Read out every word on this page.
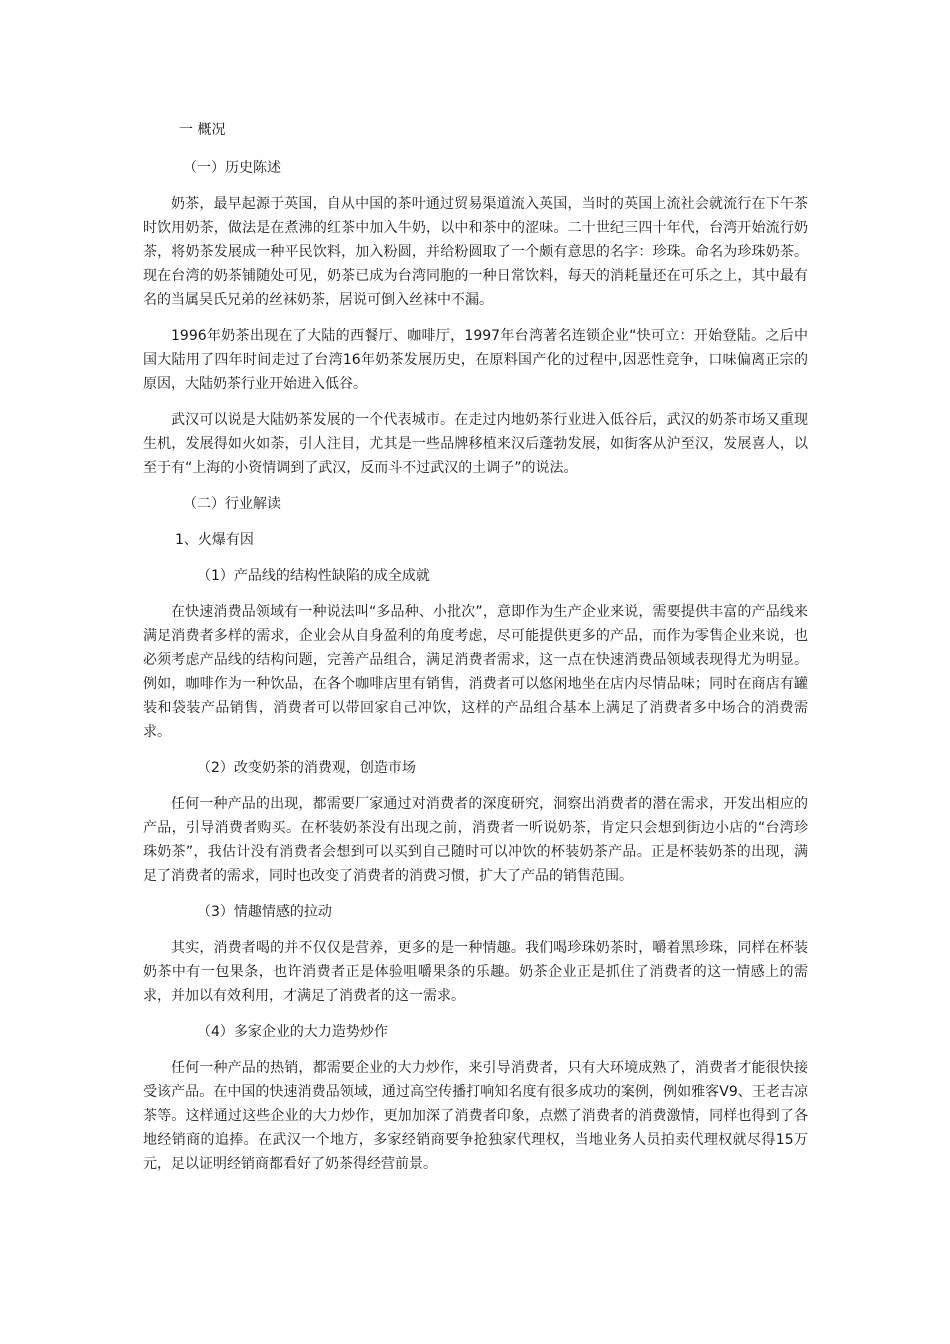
一 概况
（一）历史陈述

奶茶，最早起源于英国，自从中国的茶叶通过贸易渠道流入英国，当时的英国上流社会就流行在下午茶时饮用奶茶，做法是在煮沸的红茶中加入牛奶，以中和茶中的涩味。二十世纪三四十年代，台湾开始流行奶茶，将奶茶发展成一种平民饮料，加入粉圆，并给粉圆取了一个颇有意思的名字：珍珠。命名为珍珠奶茶。现在台湾的奶茶铺随处可见，奶茶已成为台湾同胞的一种日常饮料，每天的消耗量还在可乐之上，其中最有名的当属吴氏兄弟的丝袜奶茶，居说可倒入丝袜中不漏。

1996年奶茶出现在了大陆的西餐厅、咖啡厅，1997年台湾著名连锁企业“快可立：开始登陆。之后中国大陆用了四年时间走过了台湾16年奶茶发展历史，在原料国产化的过程中,因恶性竞争，口味偏离正宗的原因，大陆奶茶行业开始进入低谷。

武汉可以说是大陆奶茶发展的一个代表城市。在走过内地奶茶行业进入低谷后，武汉的奶茶市场又重现生机，发展得如火如荼，引人注目，尤其是一些品牌移植来汉后蓬勃发展，如街客从沪至汉，发展喜人，以至于有“上海的小资情调到了武汉，反而斗不过武汉的土调子”的说法。

（二）行业解读
1、火爆有因
（1）产品线的结构性缺陷的成全成就

在快速消费品领域有一种说法叫“多品种、小批次”，意即作为生产企业来说，需要提供丰富的产品线来满足消费者多样的需求，企业会从自身盈利的角度考虑，尽可能提供更多的产品，而作为零售企业来说，也必须考虑产品线的结构问题，完善产品组合，满足消费者需求，这一点在快速消费品领域表现得尤为明显。例如，咖啡作为一种饮品，在各个咖啡店里有销售，消费者可以悠闲地坐在店内尽情品味；同时在商店有罐装和袋装产品销售，消费者可以带回家自己冲饮，这样的产品组合基本上满足了消费者多中场合的消费需求。

（2）改变奶茶的消费观，创造市场

任何一种产品的出现，都需要厂家通过对消费者的深度研究，洞察出消费者的潜在需求，开发出相应的产品，引导消费者购买。在杯装奶茶没有出现之前，消费者一听说奶茶，肯定只会想到街边小店的“台湾珍珠奶茶”，我估计没有消费者会想到可以买到自己随时可以冲饮的杯装奶茶产品。正是杯装奶茶的出现，满足了消费者的需求，同时也改变了消费者的消费习惯，扩大了产品的销售范围。

（3）情趣情感的拉动

其实，消费者喝的并不仅仅是营养，更多的是一种情趣。我们喝珍珠奶茶时，嚼着黑珍珠，同样在杯装奶茶中有一包果条，也许消费者正是体验咀嚼果条的乐趣。奶茶企业正是抓住了消费者的这一情感上的需求，并加以有效利用，才满足了消费者的这一需求。

（4）多家企业的大力造势炒作

任何一种产品的热销，都需要企业的大力炒作，来引导消费者，只有大环境成熟了，消费者才能很快接受该产品。在中国的快速消费品领域，通过高空传播打响知名度有很多成功的案例，例如雅客V9、王老吉凉茶等。这样通过这些企业的大力炒作，更加加深了消费者印象，点燃了消费者的消费激情，同样也得到了各地经销商的追捧。在武汉一个地方，多家经销商要争抢独家代理权，当地业务人员拍卖代理权就尽得15万元，足以证明经销商都看好了奶茶得经营前景。
